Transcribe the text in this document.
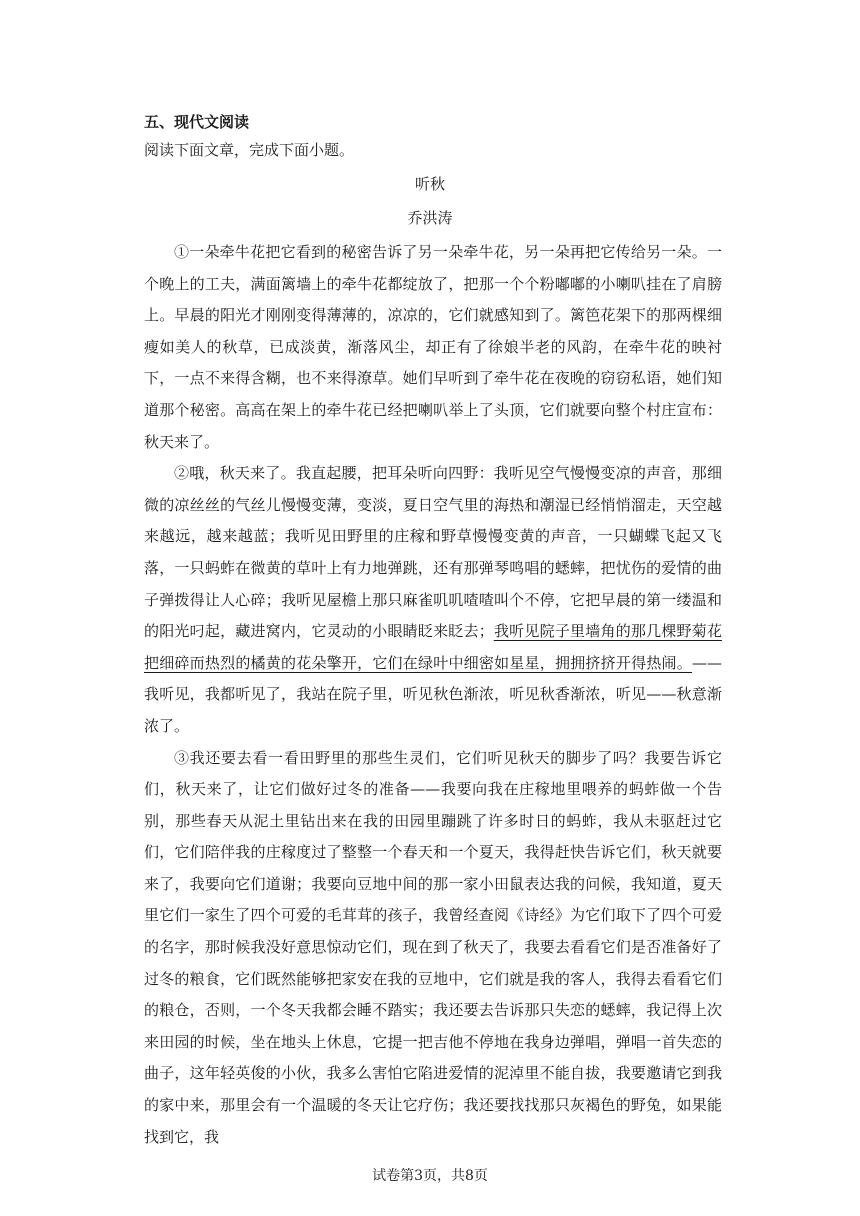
五、现代文阅读
阅读下面文章，完成下面小题。
听秋
乔洪涛

①一朵牵牛花把它看到的秘密告诉了另一朵牵牛花，另一朵再把它传给另一朵。一个晚上的工夫，满面篱墙上的牵牛花都绽放了，把那一个个粉嘟嘟的小喇叭挂在了肩膀上。早晨的阳光才刚刚变得薄薄的，凉凉的，它们就感知到了。篱笆花架下的那两棵细瘦如美人的秋草，已成淡黄，渐落风尘，却正有了徐娘半老的风韵，在牵牛花的映衬下，一点不来得含糊，也不来得潦草。她们早听到了牵牛花在夜晚的窃窃私语，她们知道那个秘密。高高在架上的牵牛花已经把喇叭举上了头顶，它们就要向整个村庄宣布：秋天来了。

②哦，秋天来了。我直起腰，把耳朵听向四野：我听见空气慢慢变凉的声音，那细微的凉丝丝的气丝儿慢慢变薄，变淡，夏日空气里的海热和潮湿已经悄悄溜走，天空越来越远，越来越蓝；我听见田野里的庄稼和野草慢慢变黄的声音，一只蝴蝶飞起又飞落，一只蚂蚱在微黄的草叶上有力地弹跳，还有那弹琴鸣唱的蟋蟀，把忧伤的爱情的曲子弹拨得让人心碎；我听见屋檐上那只麻雀叽叽喳喳叫个不停，它把早晨的第一缕温和的阳光叼起，藏进窝内，它灵动的小眼睛眨来眨去；我听见院子里墙角的那几棵野菊花把细碎而热烈的橘黄的花朵擎开，它们在绿叶中细密如星星，拥拥挤挤开得热闹。——我听见，我都听见了，我站在院子里，听见秋色渐浓，听见秋香渐浓，听见——秋意渐浓了。

③我还要去看一看田野里的那些生灵们，它们听见秋天的脚步了吗？我要告诉它们，秋天来了，让它们做好过冬的准备——我要向我在庄稼地里喂养的蚂蚱做一个告别，那些春天从泥土里钻出来在我的田园里蹦跳了许多时日的蚂蚱，我从未驱赶过它们，它们陪伴我的庄稼度过了整整一个春天和一个夏天，我得赶快告诉它们，秋天就要来了，我要向它们道谢；我要向豆地中间的那一家小田鼠表达我的问候，我知道，夏天里它们一家生了四个可爱的毛茸茸的孩子，我曾经查阅《诗经》为它们取下了四个可爱的名字，那时候我没好意思惊动它们，现在到了秋天了，我要去看看它们是否准备好了过冬的粮食，它们既然能够把家安在我的豆地中，它们就是我的客人，我得去看看它们的粮仓，否则，一个冬天我都会睡不踏实；我还要去告诉那只失恋的蟋蟀，我记得上次来田园的时候，坐在地头上休息，它提一把吉他不停地在我身边弹唱，弹唱一首失恋的曲子，这年轻英俊的小伙，我多么害怕它陷进爱情的泥淖里不能自拔，我要邀请它到我的家中来，那里会有一个温暖的冬天让它疗伤；我还要找找那只灰褐色的野兔，如果能找到它，我

试卷第3页，共8页
